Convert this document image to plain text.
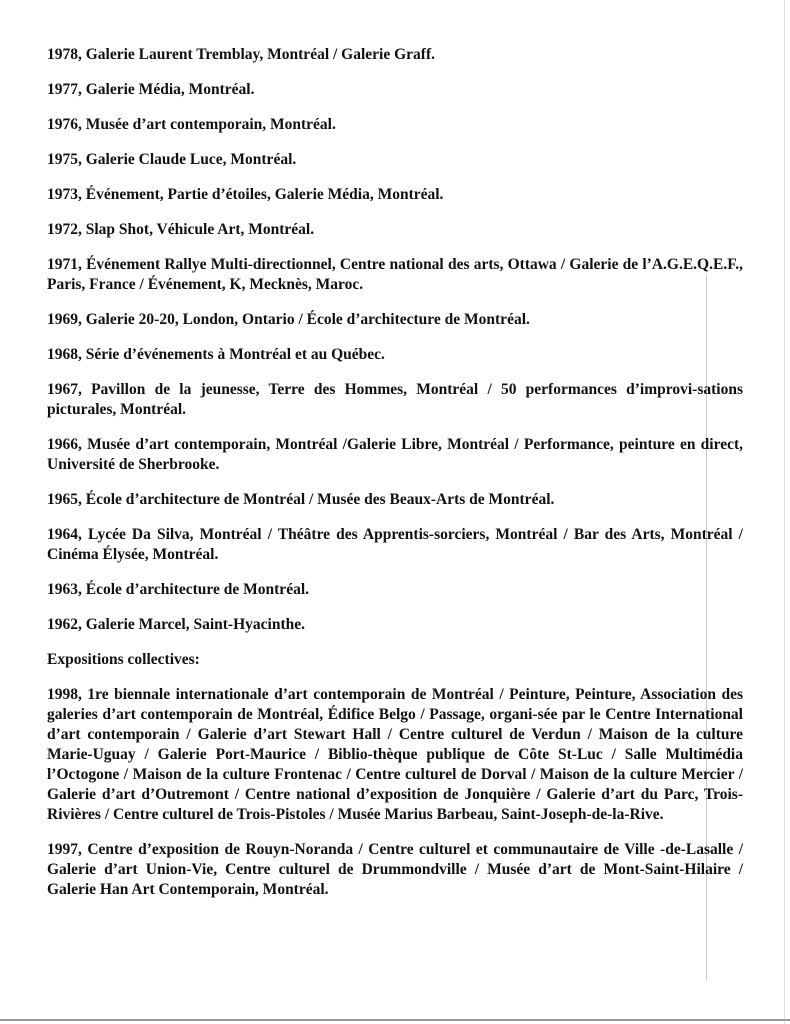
1978, Galerie Laurent Tremblay, Montréal / Galerie Graff.

1977, Galerie Média, Montréal.

1976, Musée d’art contemporain, Montréal.

1975, Galerie Claude Luce, Montréal.

1973, Événement, Partie d’étoiles, Galerie Média, Montréal.

1972, Slap Shot, Véhicule Art, Montréal.

1971, Événement Rallye Multi-directionnel, Centre national des arts, Ottawa / Galerie de l’A.G.E.Q.E.F., Paris, France / Événement, K, Mecknès, Maroc.

1969, Galerie 20-20, London, Ontario / École d’architecture de Montréal.

1968, Série d’événements à Montréal et au Québec.

1967, Pavillon de la jeunesse, Terre des Hommes, Montréal / 50 performances d’improvi-sations picturales, Montréal.

1966, Musée d’art contemporain, Montréal /Galerie Libre, Montréal / Performance, peinture en direct, Université de Sherbrooke.

1965, École d’architecture de Montréal / Musée des Beaux-Arts de Montréal.

1964, Lycée Da Silva, Montréal / Théâtre des Apprentis-sorciers, Montréal / Bar des Arts, Montréal / Cinéma Élysée, Montréal.

1963, École d’architecture de Montréal.

1962, Galerie Marcel, Saint-Hyacinthe.

Expositions collectives:

1998, 1re biennale internationale d’art contemporain de Montréal / Peinture, Peinture, Association des galeries d’art contemporain de Montréal, Édifice Belgo / Passage, organi-sée par le Centre International d’art contemporain / Galerie d’art Stewart Hall / Centre culturel de Verdun / Maison de la culture Marie-Uguay / Galerie Port-Maurice / Biblio-thèque publique de Côte St-Luc / Salle Multimédia l’Octogone / Maison de la culture Frontenac / Centre culturel de Dorval / Maison de la culture Mercier / Galerie d’art d’Outremont / Centre national d’exposition de Jonquière / Galerie d’art du Parc, Trois-Rivières / Centre culturel de Trois-Pistoles / Musée Marius Barbeau, Saint-Joseph-de-la-Rive.

1997, Centre d’exposition de Rouyn-Noranda / Centre culturel et communautaire de Ville -de-Lasalle / Galerie d’art Union-Vie, Centre culturel de Drummondville / Musée d’art de Mont-Saint-Hilaire / Galerie Han Art Contemporain, Montréal.
